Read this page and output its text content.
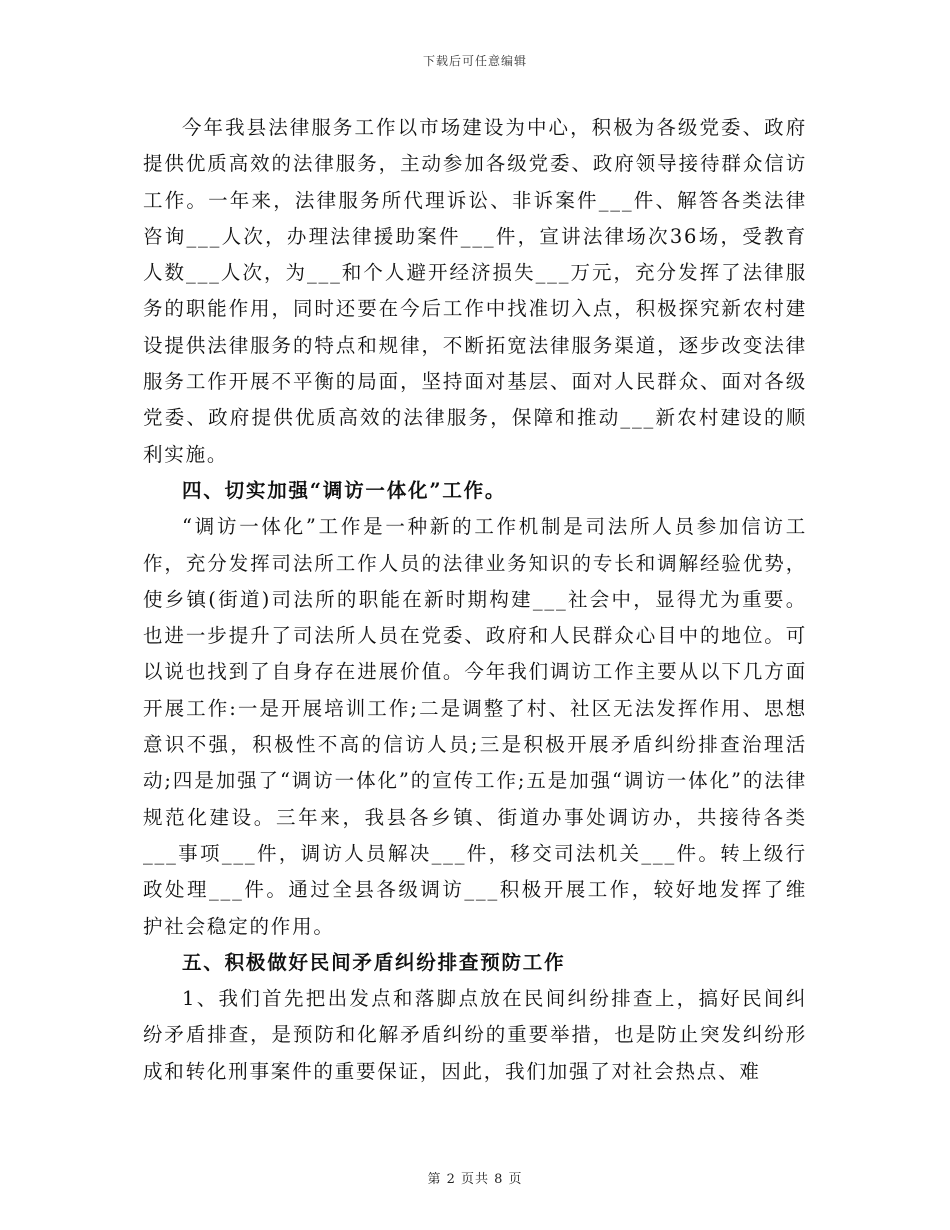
下载后可任意编辑

今年我县法律服务工作以市场建设为中心，积极为各级党委、政府提供优质高效的法律服务，主动参加各级党委、政府领导接待群众信访工作。一年来，法律服务所代理诉讼、非诉案件___件、解答各类法律咨询___人次，办理法律援助案件___件，宣讲法律场次36场，受教育人数___人次，为___和个人避开经济损失___万元，充分发挥了法律服务的职能作用，同时还要在今后工作中找准切入点，积极探究新农村建设提供法律服务的特点和规律，不断拓宽法律服务渠道，逐步改变法律服务工作开展不平衡的局面，坚持面对基层、面对人民群众、面对各级党委、政府提供优质高效的法律服务，保障和推动___新农村建设的顺利实施。

四、切实加强“调访一体化”工作。

“调访一体化”工作是一种新的工作机制是司法所人员参加信访工作，充分发挥司法所工作人员的法律业务知识的专长和调解经验优势，使乡镇(街道)司法所的职能在新时期构建___社会中，显得尤为重要。也进一步提升了司法所人员在党委、政府和人民群众心目中的地位。可以说也找到了自身存在进展价值。今年我们调访工作主要从以下几方面开展工作:一是开展培训工作;二是调整了村、社区无法发挥作用、思想意识不强，积极性不高的信访人员;三是积极开展矛盾纠纷排查治理活动;四是加强了“调访一体化”的宣传工作;五是加强“调访一体化”的法律规范化建设。三年来，我县各乡镇、街道办事处调访办，共接待各类___事项___件，调访人员解决___件，移交司法机关___件。转上级行政处理___件。通过全县各级调访___积极开展工作，较好地发挥了维护社会稳定的作用。

五、积极做好民间矛盾纠纷排查预防工作

1、我们首先把出发点和落脚点放在民间纠纷排查上，搞好民间纠纷矛盾排查，是预防和化解矛盾纠纷的重要举措，也是防止突发纠纷形成和转化刑事案件的重要保证，因此，我们加强了对社会热点、难

第 2 页共 8 页
